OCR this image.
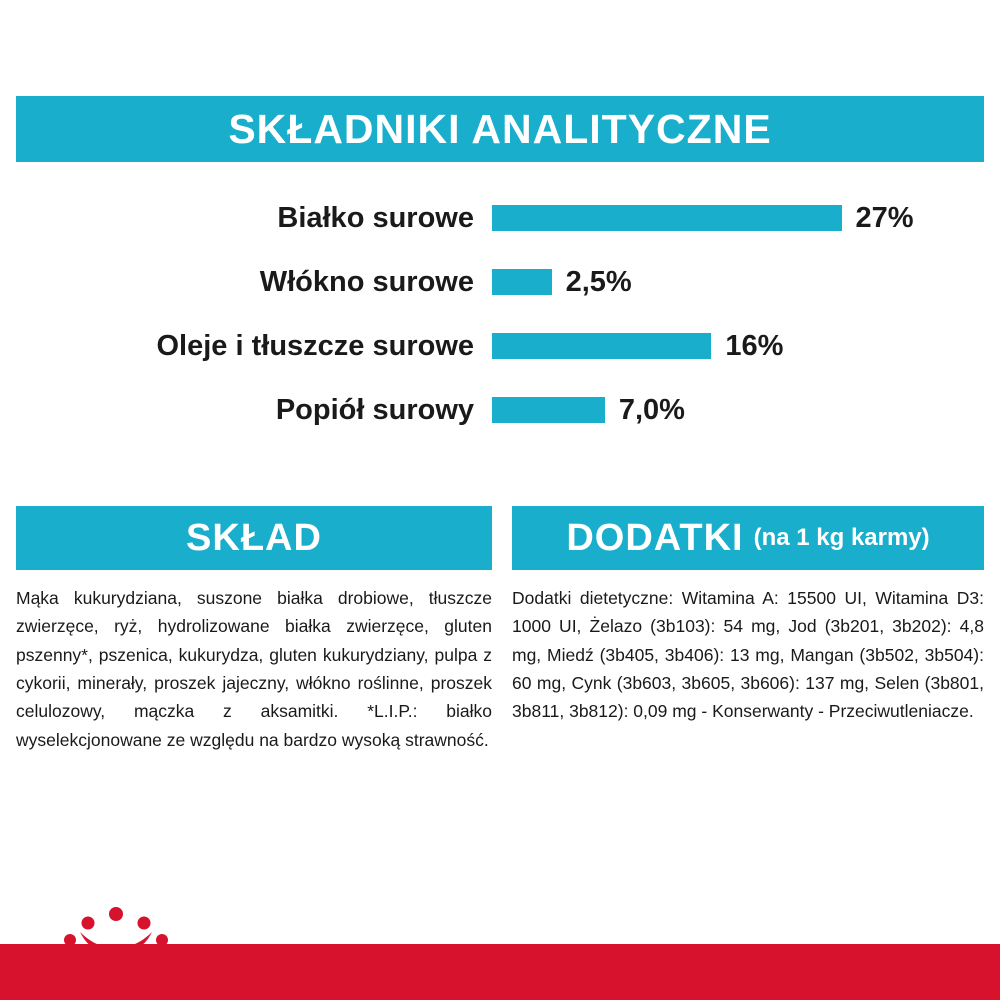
SKŁADNIKI ANALITYCZNE
Białko surowe	27%
Włókno surowe	2,5%
Oleje i tłuszcze surowe	16%
Popiół surowy	7,0%
SKŁAD

Mąka kukurydziana, suszone białka drobiowe, tłuszcze zwierzęce, ryż, hydrolizowane białka zwierzęce, gluten pszenny*, pszenica, kukurydza, gluten kukurydziany, pulpa z cykorii, minerały, proszek jajeczny, włókno roślinne, proszek celulozowy, mączka z aksamitki. *L.I.P.: białko wyselekcjonowane ze względu na bardzo wysoką strawność.

DODATKI (na 1 kg karmy)

Dodatki dietetyczne: Witamina A: 15500 UI, Witamina D3: 1000 UI, Żelazo (3b103): 54 mg, Jod (3b201, 3b202): 4,8 mg, Miedź (3b405, 3b406): 13 mg, Mangan (3b502, 3b504): 60 mg, Cynk (3b603, 3b605, 3b606): 137 mg, Selen (3b801, 3b811, 3b812): 0,09 mg - Konserwanty - Przeciwutleniacze.
